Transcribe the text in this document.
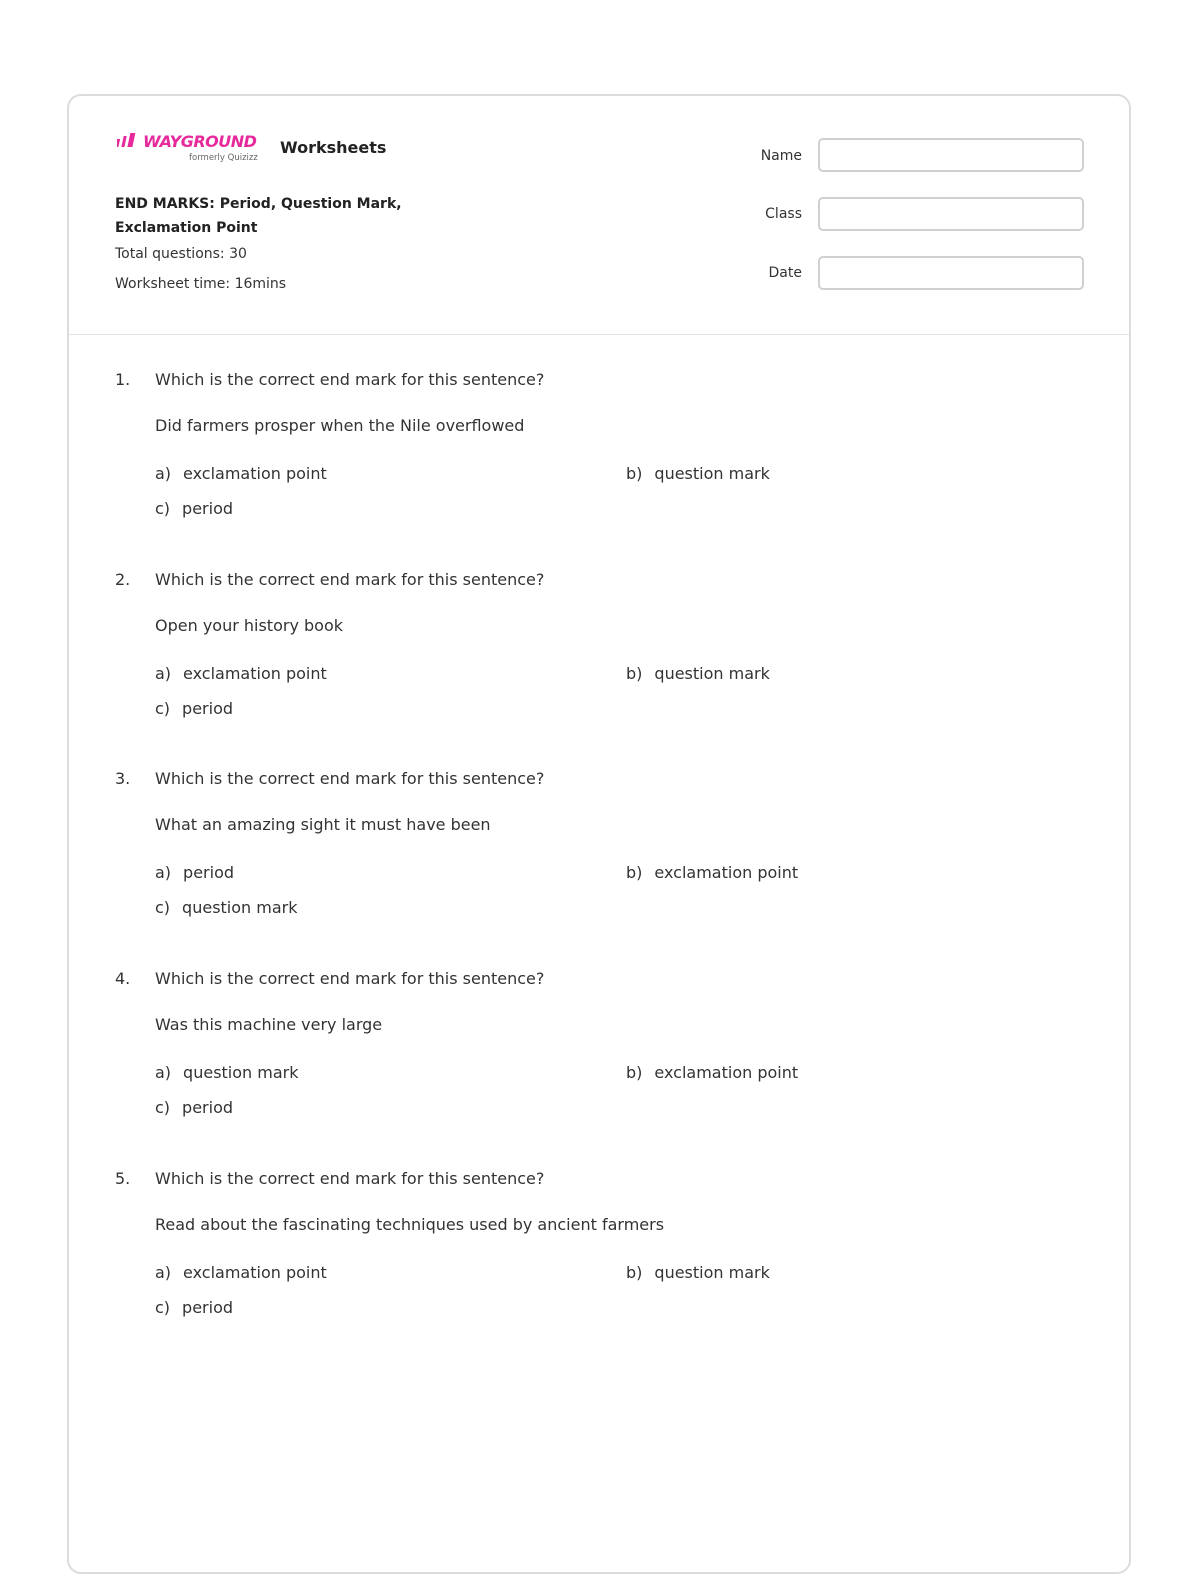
WAYGROUND
formerly Quizizz
Worksheets
END MARKS: Period, Question Mark, Exclamation Point
Total questions: 30
Worksheet time: 16mins
Name
Class
Date
1. Which is the correct end mark for this sentence?
Did farmers prosper when the Nile overflowed
a) exclamation point	b) question mark
c) period
2. Which is the correct end mark for this sentence?
Open your history book
a) exclamation point	b) question mark
c) period
3. Which is the correct end mark for this sentence?
What an amazing sight it must have been
a) period	b) exclamation point
c) question mark
4. Which is the correct end mark for this sentence?
Was this machine very large
a) question mark	b) exclamation point
c) period
5. Which is the correct end mark for this sentence?
Read about the fascinating techniques used by ancient farmers
a) exclamation point	b) question mark
c) period
